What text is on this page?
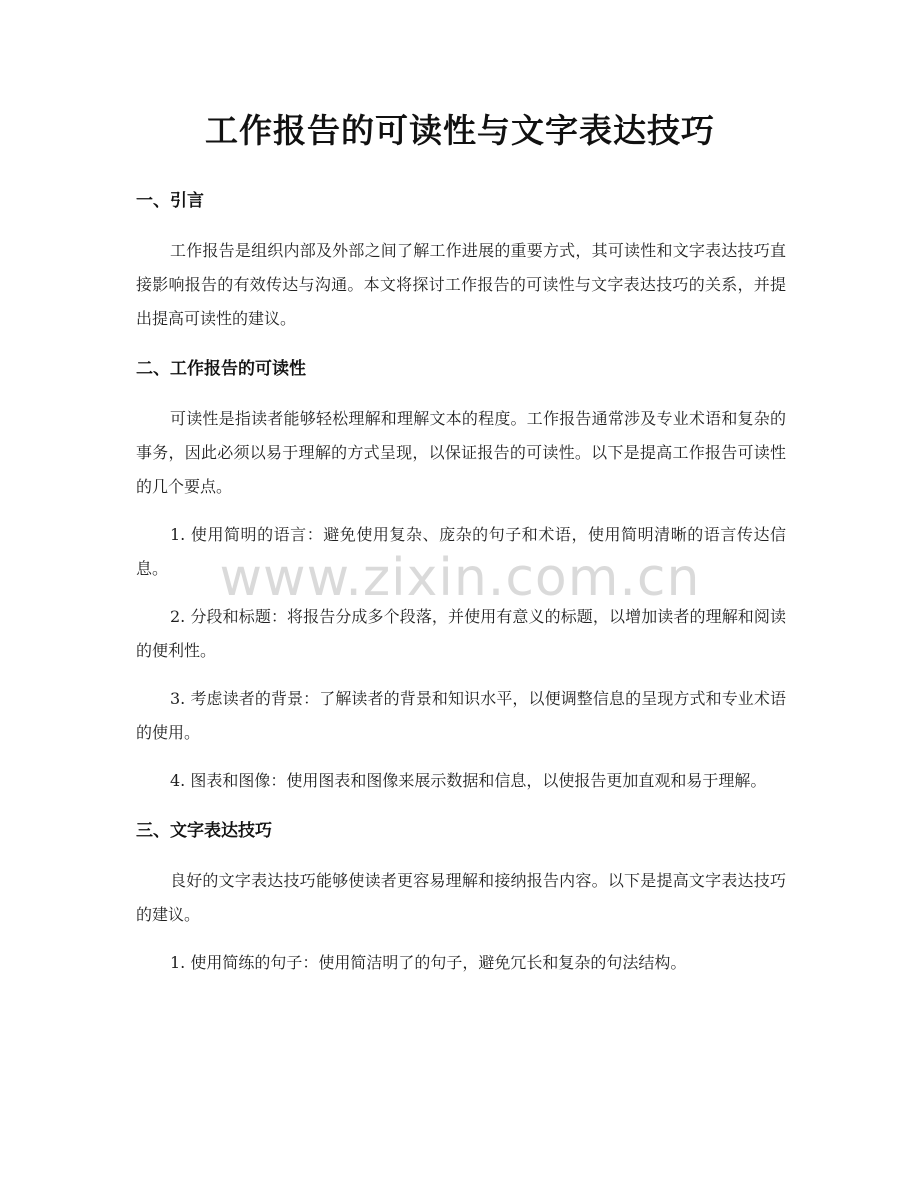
工作报告的可读性与文字表达技巧
一、引言

工作报告是组织内部及外部之间了解工作进展的重要方式，其可读性和文字表达技巧直接影响报告的有效传达与沟通。本文将探讨工作报告的可读性与文字表达技巧的关系，并提出提高可读性的建议。

二、工作报告的可读性

可读性是指读者能够轻松理解和理解文本的程度。工作报告通常涉及专业术语和复杂的事务，因此必须以易于理解的方式呈现，以保证报告的可读性。以下是提高工作报告可读性的几个要点。

1. 使用简明的语言：避免使用复杂、庞杂的句子和术语，使用简明清晰的语言传达信息。

2. 分段和标题：将报告分成多个段落，并使用有意义的标题，以增加读者的理解和阅读的便利性。

3. 考虑读者的背景：了解读者的背景和知识水平，以便调整信息的呈现方式和专业术语的使用。

4. 图表和图像：使用图表和图像来展示数据和信息，以使报告更加直观和易于理解。

三、文字表达技巧

良好的文字表达技巧能够使读者更容易理解和接纳报告内容。以下是提高文字表达技巧的建议。

1. 使用简练的句子：使用简洁明了的句子，避免冗长和复杂的句法结构。

www.zixin.com.cn
